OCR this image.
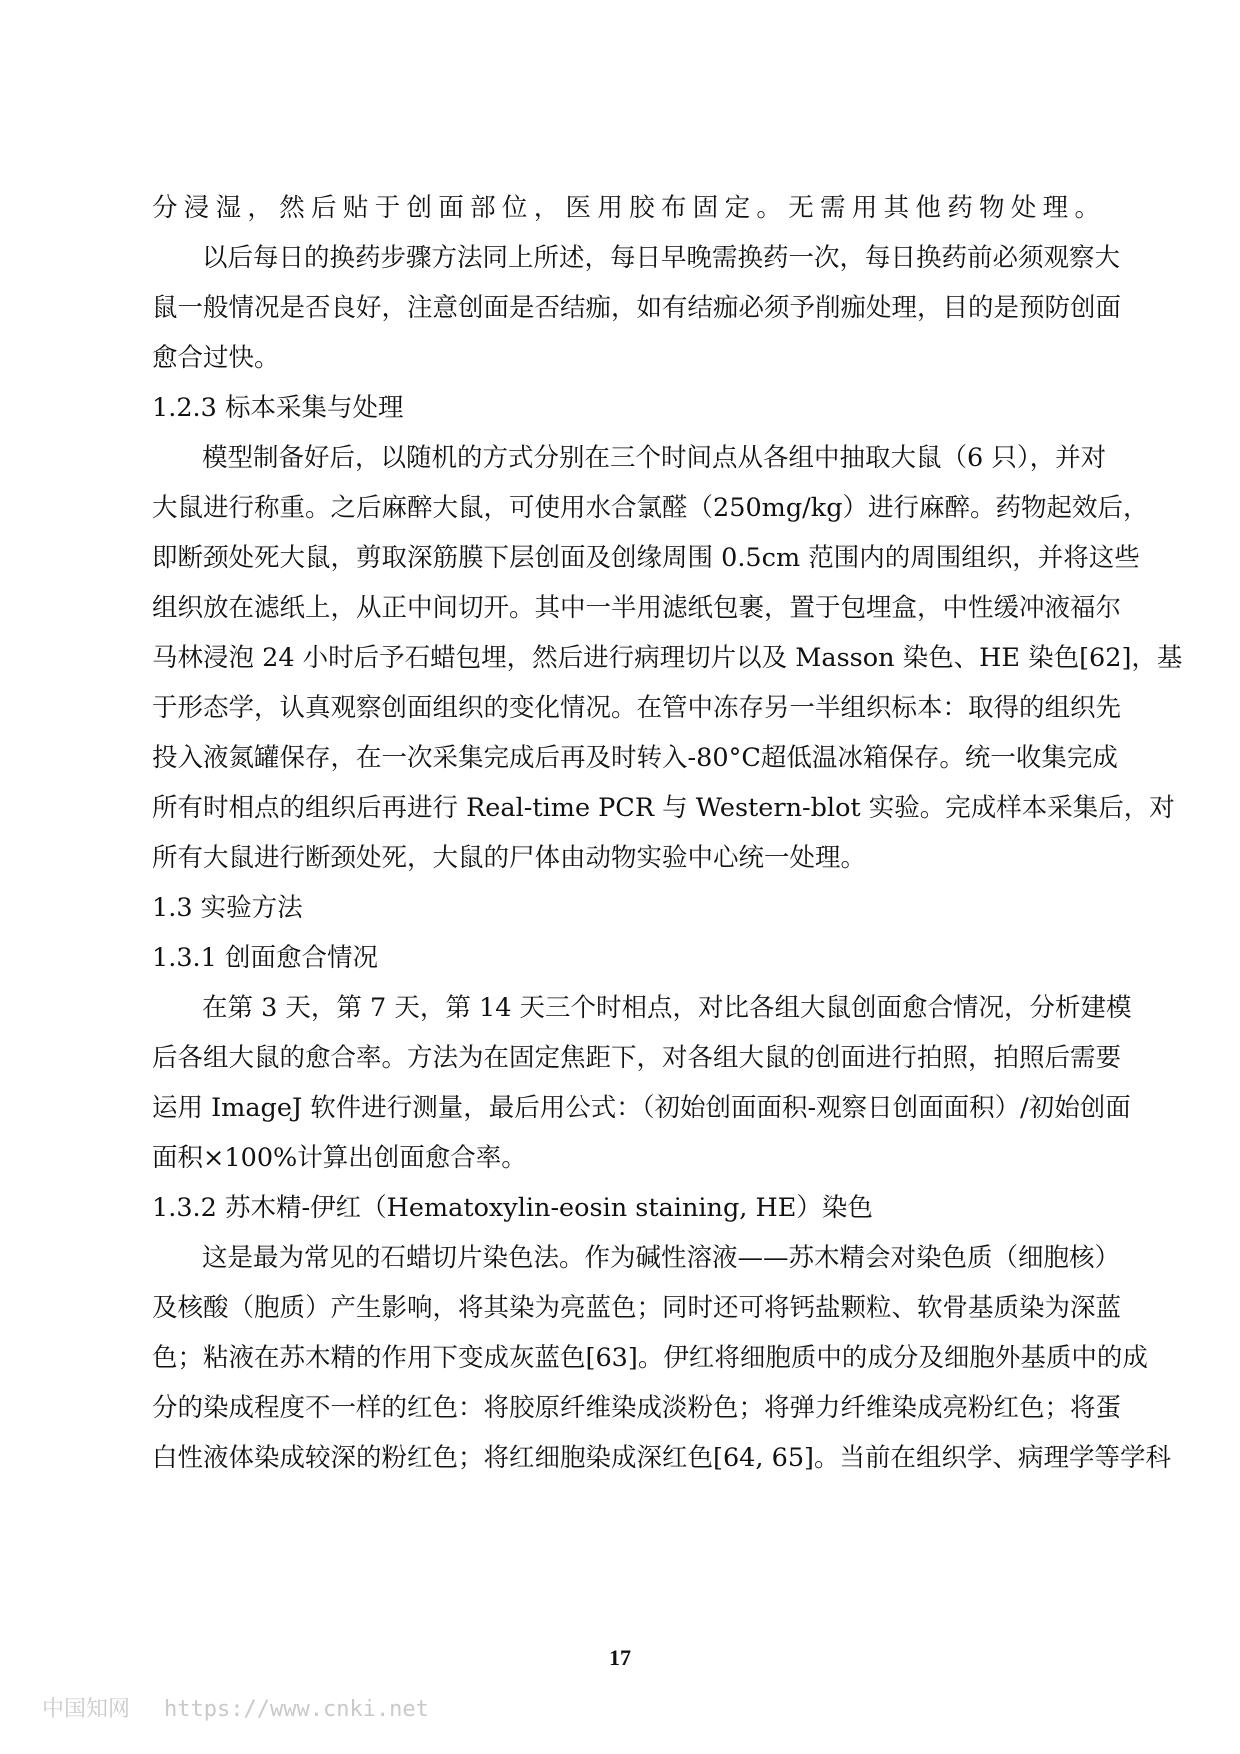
分浸湿，然后贴于创面部位，医用胶布固定。无需用其他药物处理。
以后每日的换药步骤方法同上所述，每日早晚需换药一次，每日换药前必须观察大
鼠一般情况是否良好，注意创面是否结痂，如有结痂必须予削痂处理，目的是预防创面
愈合过快。
1.2.3 标本采集与处理
模型制备好后，以随机的方式分别在三个时间点从各组中抽取大鼠（6 只），并对
大鼠进行称重。之后麻醉大鼠，可使用水合氯醛（250mg/kg）进行麻醉。药物起效后，
即断颈处死大鼠，剪取深筋膜下层创面及创缘周围 0.5cm 范围内的周围组织，并将这些
组织放在滤纸上，从正中间切开。其中一半用滤纸包裹，置于包埋盒，中性缓冲液福尔
马林浸泡 24 小时后予石蜡包埋，然后进行病理切片以及 Masson 染色、HE 染色[62]，基
于形态学，认真观察创面组织的变化情况。在管中冻存另一半组织标本：取得的组织先
投入液氮罐保存，在一次采集完成后再及时转入-80°C超低温冰箱保存。统一收集完成
所有时相点的组织后再进行 Real-time PCR 与 Western-blot 实验。完成样本采集后，对
所有大鼠进行断颈处死，大鼠的尸体由动物实验中心统一处理。
1.3 实验方法
1.3.1 创面愈合情况
在第 3 天，第 7 天，第 14 天三个时相点，对比各组大鼠创面愈合情况，分析建模
后各组大鼠的愈合率。方法为在固定焦距下，对各组大鼠的创面进行拍照，拍照后需要
运用 ImageJ 软件进行测量，最后用公式：（初始创面面积-观察日创面面积）/初始创面
面积×100%计算出创面愈合率。
1.3.2 苏木精-伊红（Hematoxylin-eosin staining, HE）染色
这是最为常见的石蜡切片染色法。作为碱性溶液——苏木精会对染色质（细胞核）
及核酸（胞质）产生影响，将其染为亮蓝色；同时还可将钙盐颗粒、软骨基质染为深蓝
色；粘液在苏木精的作用下变成灰蓝色[63]。伊红将细胞质中的成分及细胞外基质中的成
分的染成程度不一样的红色：将胶原纤维染成淡粉色；将弹力纤维染成亮粉红色；将蛋
白性液体染成较深的粉红色；将红细胞染成深红色[64, 65]。当前在组织学、病理学等学科
17
中国知网 https://www.cnki.net
